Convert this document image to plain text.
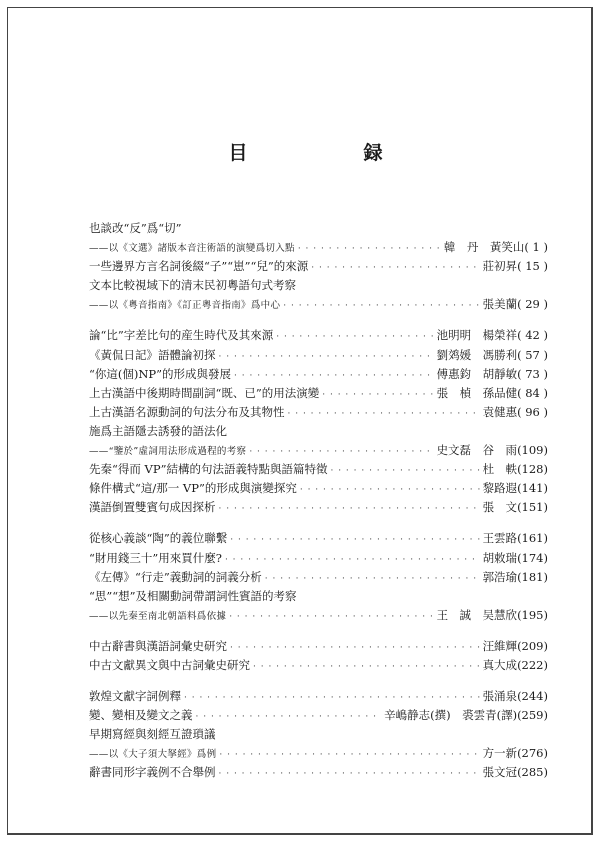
目　　録
也談改“反”爲“切”
——以《文選》諸版本音注術語的演變爲切入點 · · ·	韓　丹　黃笑山( 1 )
一些邊界方言名詞後綴“子”“崽”“兒”的來源 · · ·	莊初昇( 15 )
文本比較視域下的清末民初粵語句式考察
——以《粵音指南》《訂正粵音指南》爲中心 · · ·	張美蘭( 29 )
論“比”字差比句的産生時代及其來源 · · ·	池明明　楊榮祥( 42 )
《黃侃日記》語體論初探 · · ·	劉䴔媛　馮勝利( 57 )
“你這(個)NP”的形成與發展 · · ·	傅惠鈞　胡靜敏( 73 )
上古漢語中後期時間副詞“既、已”的用法演變 · · ·	張　楨　孫品健( 84 )
上古漢語名源動詞的句法分布及其物性 · · ·	袁健惠( 96 )
施爲主語隱去誘發的語法化
——“鑒於”虛詞用法形成過程的考察 · · ·	史文磊　谷　雨(109)
先秦“得而 VP”結構的句法語義特點與語篇特徵 · · ·	杜　軼(128)
條件構式“這/那一 VP”的形成與演變探究 · · ·	黎路遐(141)
漢語倒置雙賓句成因探析 · · ·	張　文(151)
從核心義談“陶”的義位聯繫 · · ·	王雲路(161)
“財用錢三十”用來買什麼? · · ·	胡敕瑞(174)
《左傳》“行走”義動詞的詞義分析 · · ·	郭浩瑜(181)
“思”“想”及相關動詞帶謂詞性賓語的考察
——以先秦至南北朝語料爲依據 · · ·	王　誠　吴慧欣(195)
中古辭書與漢語詞彙史研究 · · ·	汪維輝(209)
中古文獻異文與中古詞彙史研究 · · ·	真大成(222)
敦煌文獻字詞例釋 · · ·	張涌泉(244)
變、變相及變文之義 · · ·	辛嶋静志(撰)　裘雲青(譯)(259)
早期寫經與刻經互證瑣議
——以《大子須大拏經》爲例 · · ·	方一新(276)
辭書同形字義例不合舉例 · · ·	張文冠(285)
